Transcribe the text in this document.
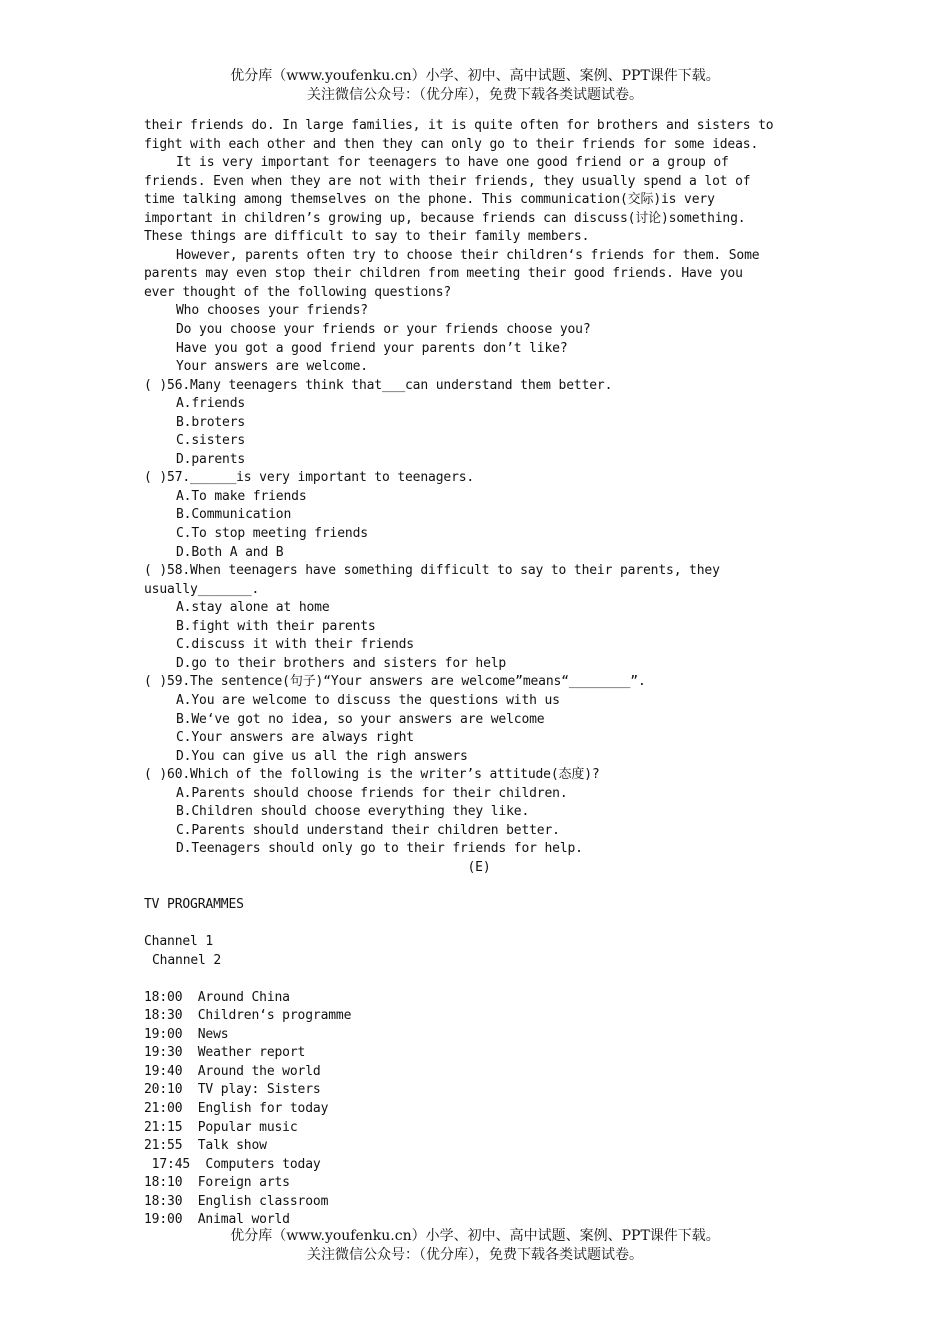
优分库（www.youfenku.cn）小学、初中、高中试题、案例、PPT课件下载。
关注微信公众号：（优分库），免费下载各类试题试卷。
their friends do. In large families, it is quite often for brothers and sisters to
fight with each other and then they can only go to their friends for some ideas.
It is very important for teenagers to have one good friend or a group of
friends. Even when they are not with their friends, they usually spend a lot of
time talking among themselves on the phone. This communication(交际)is very
important in children’s growing up, because friends can discuss(讨论)something.
These things are difficult to say to their family members.
However, parents often try to choose their children‘s friends for them. Some
parents may even stop their children from meeting their good friends. Have you
ever thought of the following questions?
Who chooses your friends?
Do you choose your friends or your friends choose you?
Have you got a good friend your parents don’t like?
Your answers are welcome.
( )56.Many teenagers think that___can understand them better.
A.friends
B.broters
C.sisters
D.parents
( )57.______is very important to teenagers.
A.To make friends
B.Communication
C.To stop meeting friends
D.Both A and B
( )58.When teenagers have something difficult to say to their parents, they
usually_______.
A.stay alone at home
B.fight with their parents
C.discuss it with their friends
D.go to their brothers and sisters for help
( )59.The sentence(句子)“Your answers are welcome”means“________”.
A.You are welcome to discuss the questions with us
B.We‘ve got no idea, so your answers are welcome
C.Your answers are always right
D.You can give us all the righ answers
( )60.Which of the following is the writer’s attitude(态度)?
A.Parents should choose friends for their children.
B.Children should choose everything they like.
C.Parents should understand their children better.
D.Teenagers should only go to their friends for help.
(E)
TV PROGRAMMES
Channel 1
Channel 2
18:00  Around China
18:30  Children‘s programme
19:00  News
19:30  Weather report
19:40  Around the world
20:10  TV play: Sisters
21:00  English for today
21:15  Popular music
21:55  Talk show
17:45  Computers today
18:10  Foreign arts
18:30  English classroom
19:00  Animal world
优分库（www.youfenku.cn）小学、初中、高中试题、案例、PPT课件下载。
关注微信公众号：（优分库），免费下载各类试题试卷。
